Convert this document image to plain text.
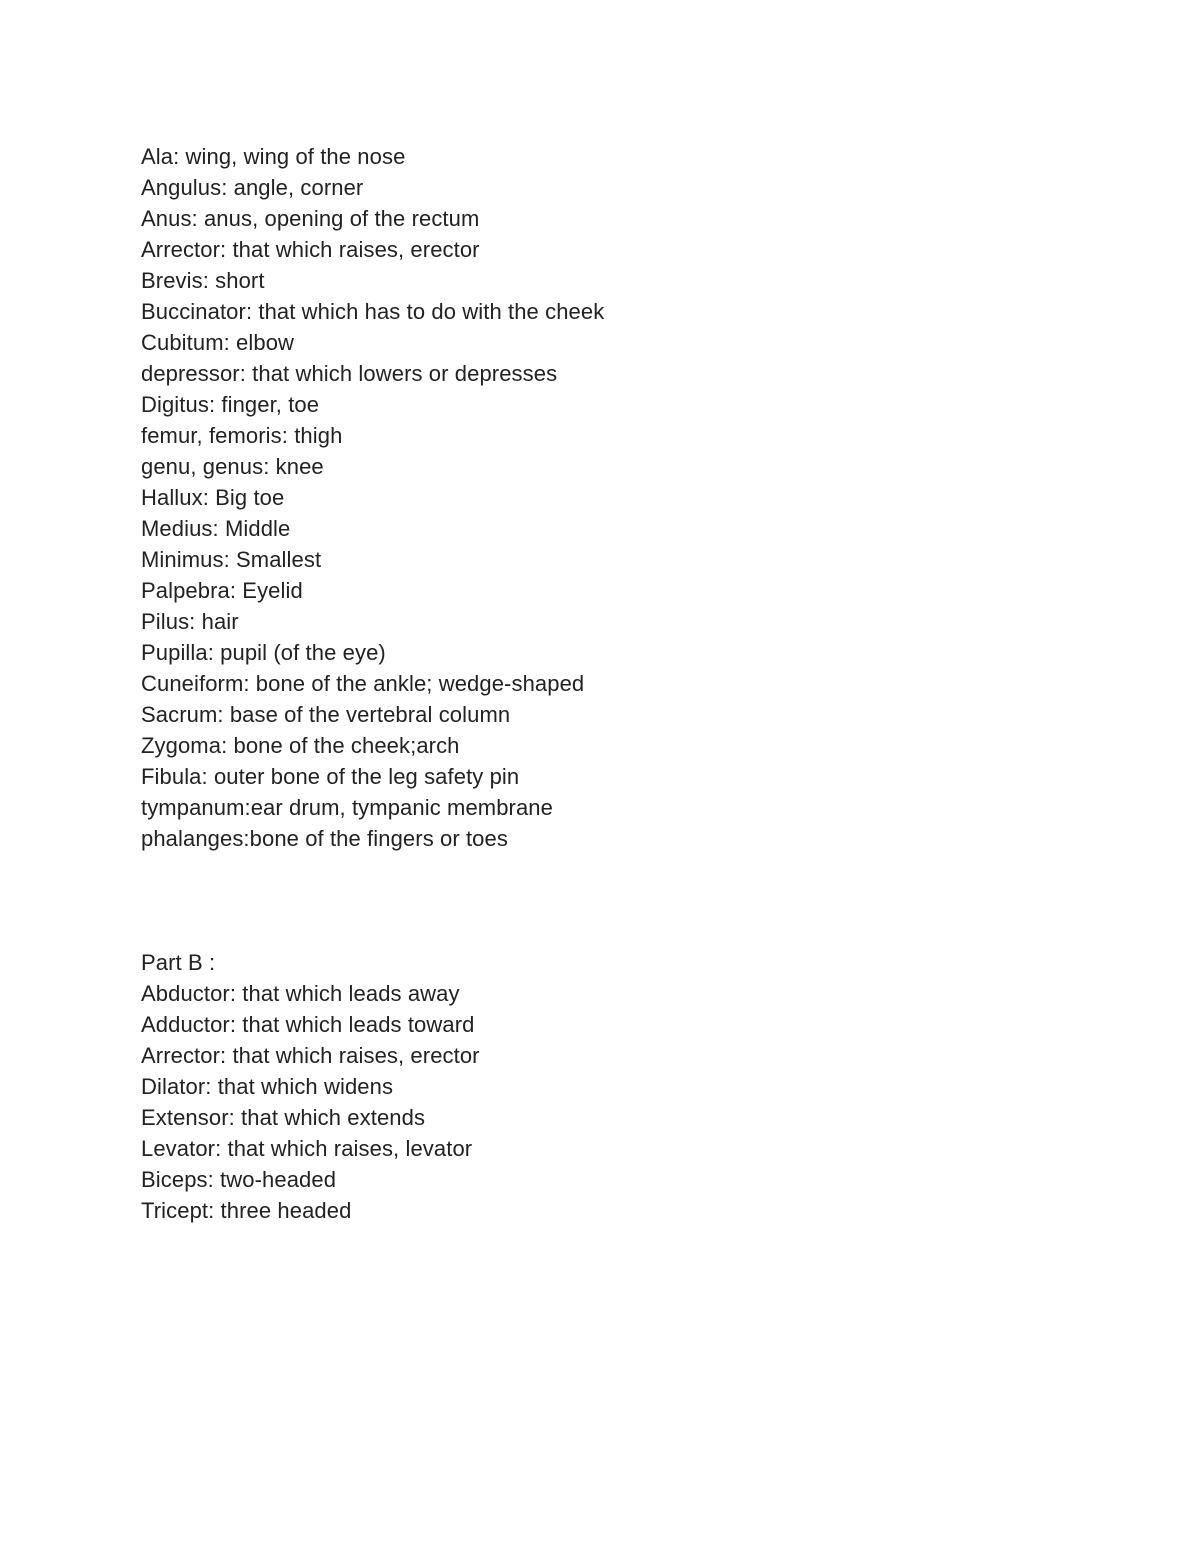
Ala: wing, wing of the nose
Angulus: angle, corner
Anus: anus, opening of the rectum
Arrector: that which raises, erector
Brevis: short
Buccinator: that which has to do with the cheek
Cubitum: elbow
depressor: that which lowers or depresses
Digitus: finger, toe
femur, femoris: thigh
genu, genus: knee
Hallux: Big toe
Medius: Middle
Minimus: Smallest
Palpebra: Eyelid
Pilus: hair
Pupilla: pupil (of the eye)
Cuneiform: bone of the ankle; wedge-shaped
Sacrum: base of the vertebral column
Zygoma: bone of the cheek;arch
Fibula: outer bone of the leg safety pin
tympanum:ear drum, tympanic membrane
phalanges:bone of the fingers or toes
Part B :
Abductor: that which leads away
Adductor: that which leads toward
Arrector: that which raises, erector
Dilator: that which widens
Extensor: that which extends
Levator: that which raises, levator
Biceps: two-headed
Tricept: three headed
